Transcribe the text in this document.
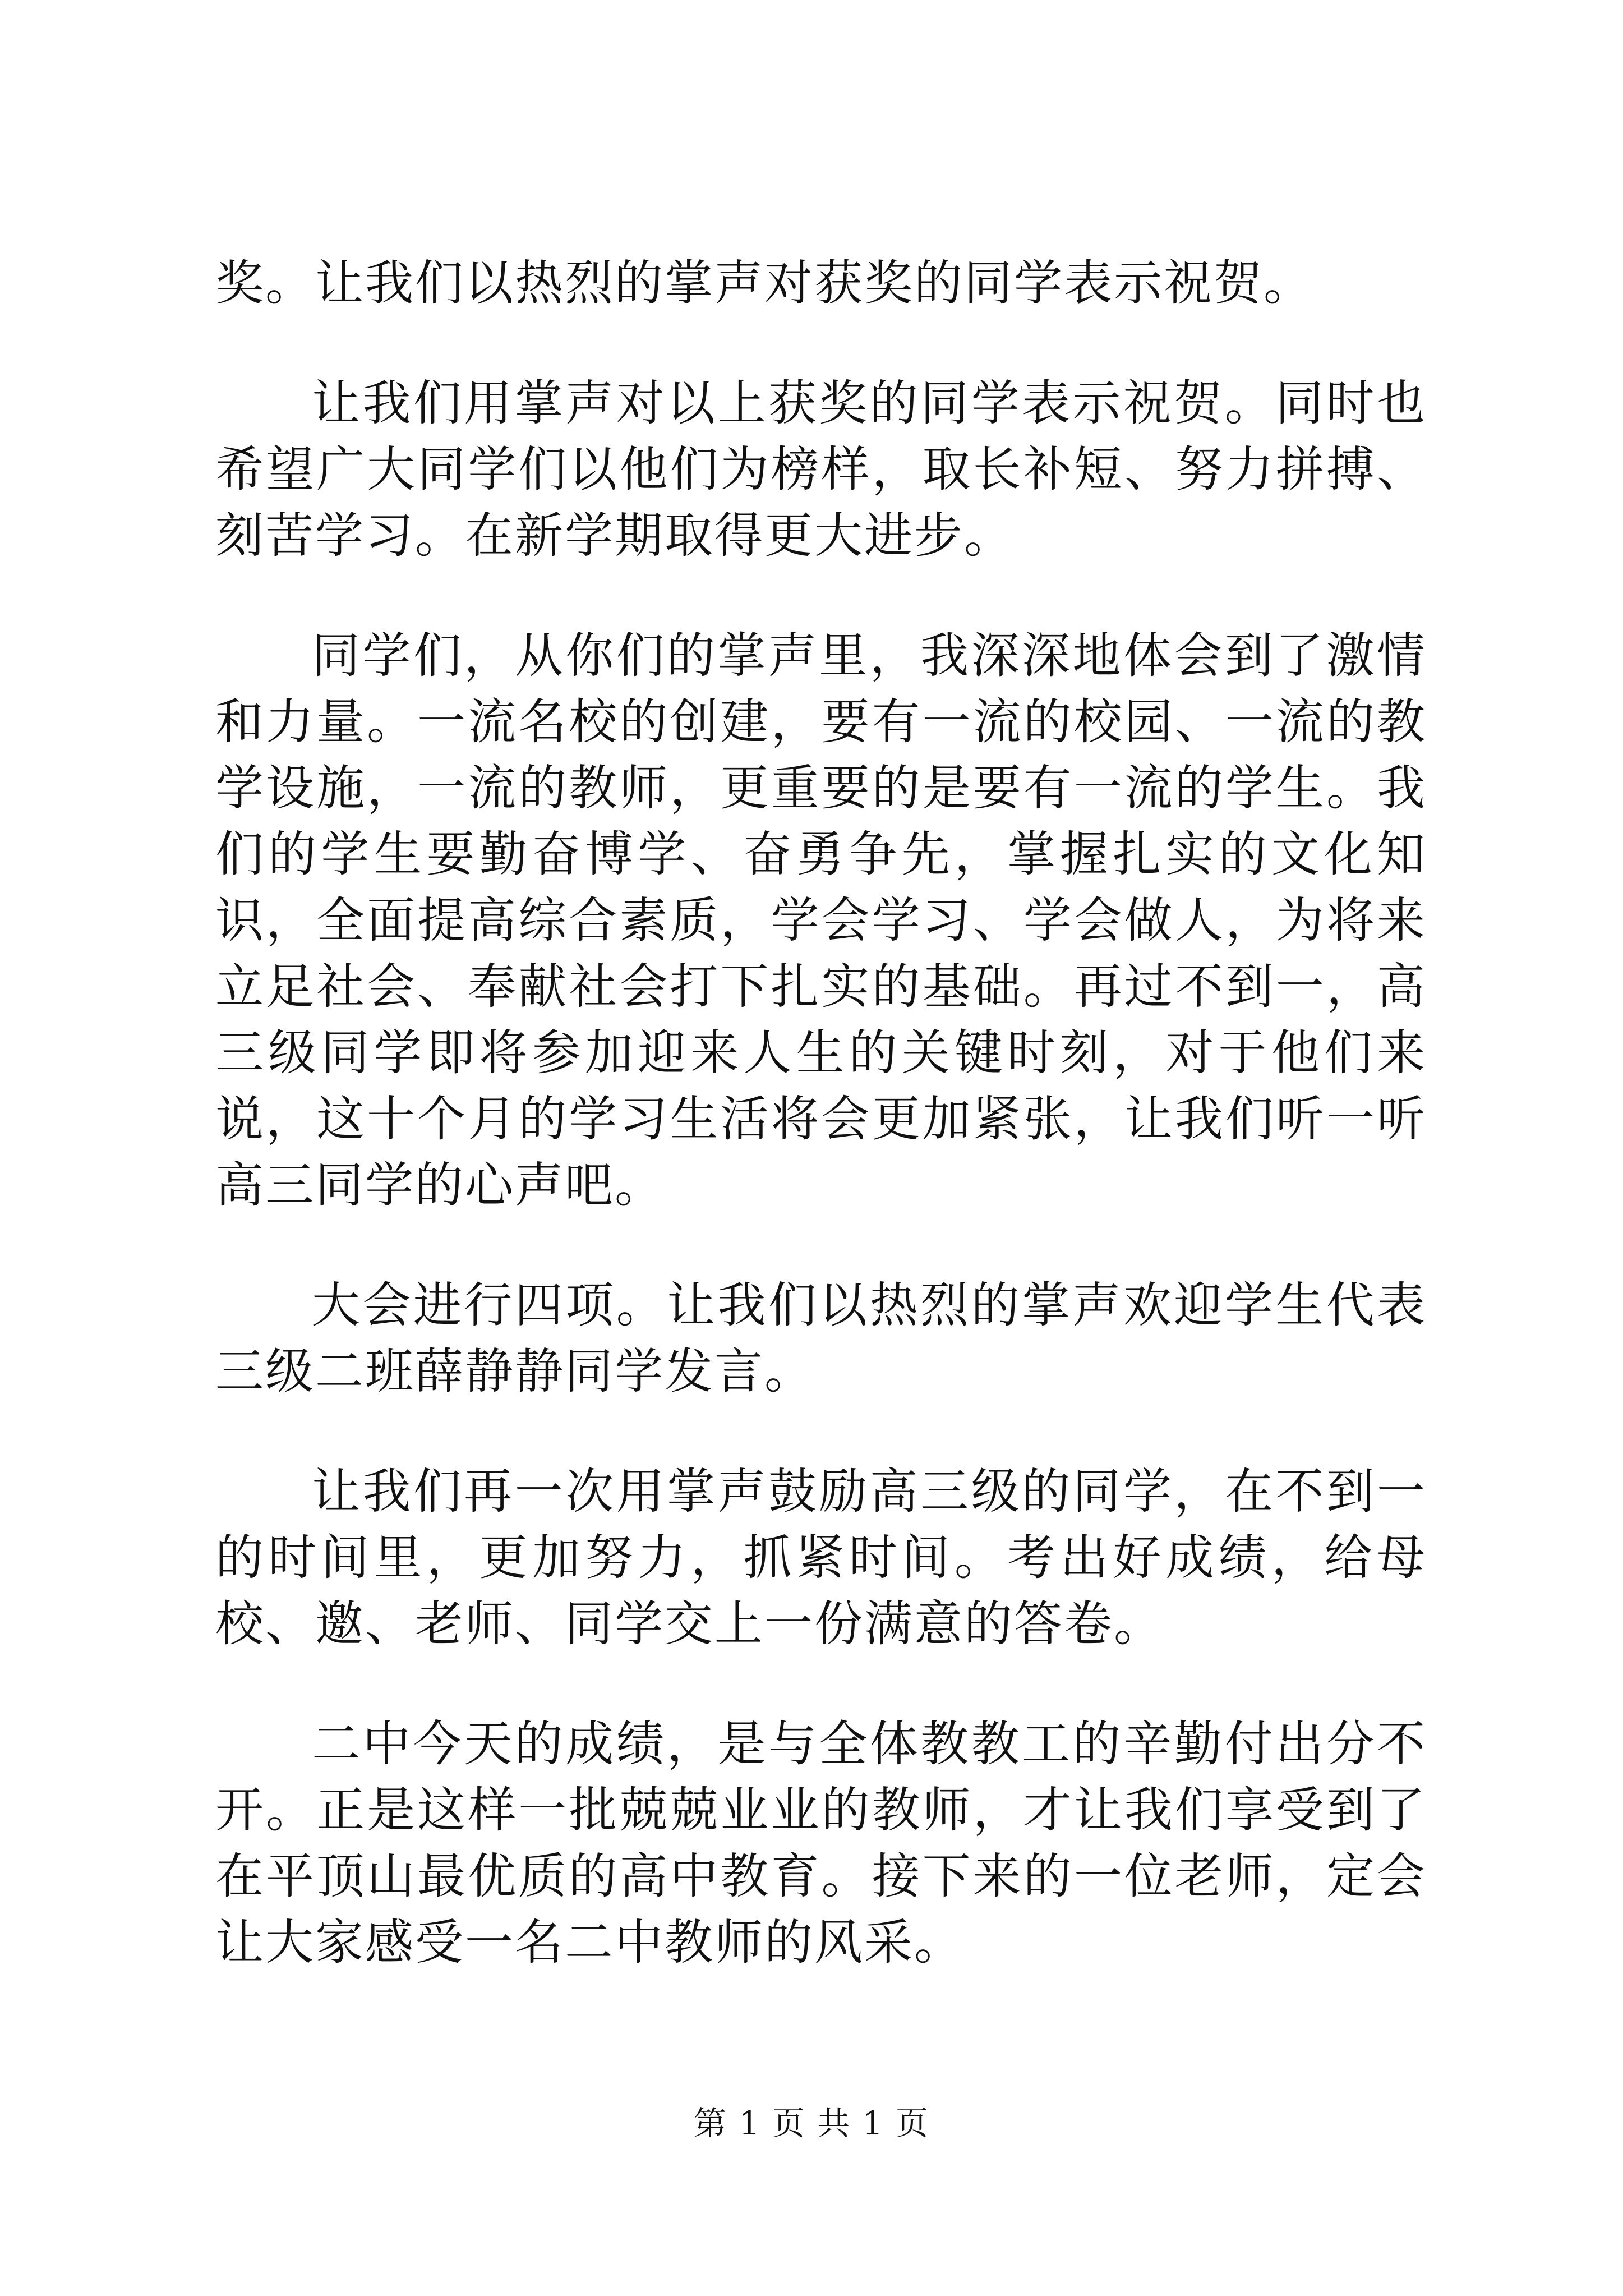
奖。让我们以热烈的掌声对获奖的同学表示祝贺。

让我们用掌声对以上获奖的同学表示祝贺。同时也希望广大同学们以他们为榜样，取长补短、努力拼搏、刻苦学习。在新学期取得更大进步。

同学们，从你们的掌声里，我深深地体会到了激情和力量。一流名校的创建，要有一流的校园、一流的教学设施，一流的教师，更重要的是要有一流的学生。我们的学生要勤奋博学、奋勇争先，掌握扎实的文化知识，全面提高综合素质，学会学习、学会做人，为将来立足社会、奉献社会打下扎实的基础。再过不到一，高三级同学即将参加迎来人生的关键时刻，对于他们来说，这十个月的学习生活将会更加紧张，让我们听一听高三同学的心声吧。

大会进行四项。让我们以热烈的掌声欢迎学生代表三级二班薛静静同学发言。

让我们再一次用掌声鼓励高三级的同学，在不到一的时间里，更加努力，抓紧时间。考出好成绩，给母校、邀、老师、同学交上一份满意的答卷。

二中今天的成绩，是与全体教教工的辛勤付出分不开。正是这样一批兢兢业业的教师，才让我们享受到了在平顶山最优质的高中教育。接下来的一位老师，定会让大家感受一名二中教师的风采。

第 1 页 共 1 页
